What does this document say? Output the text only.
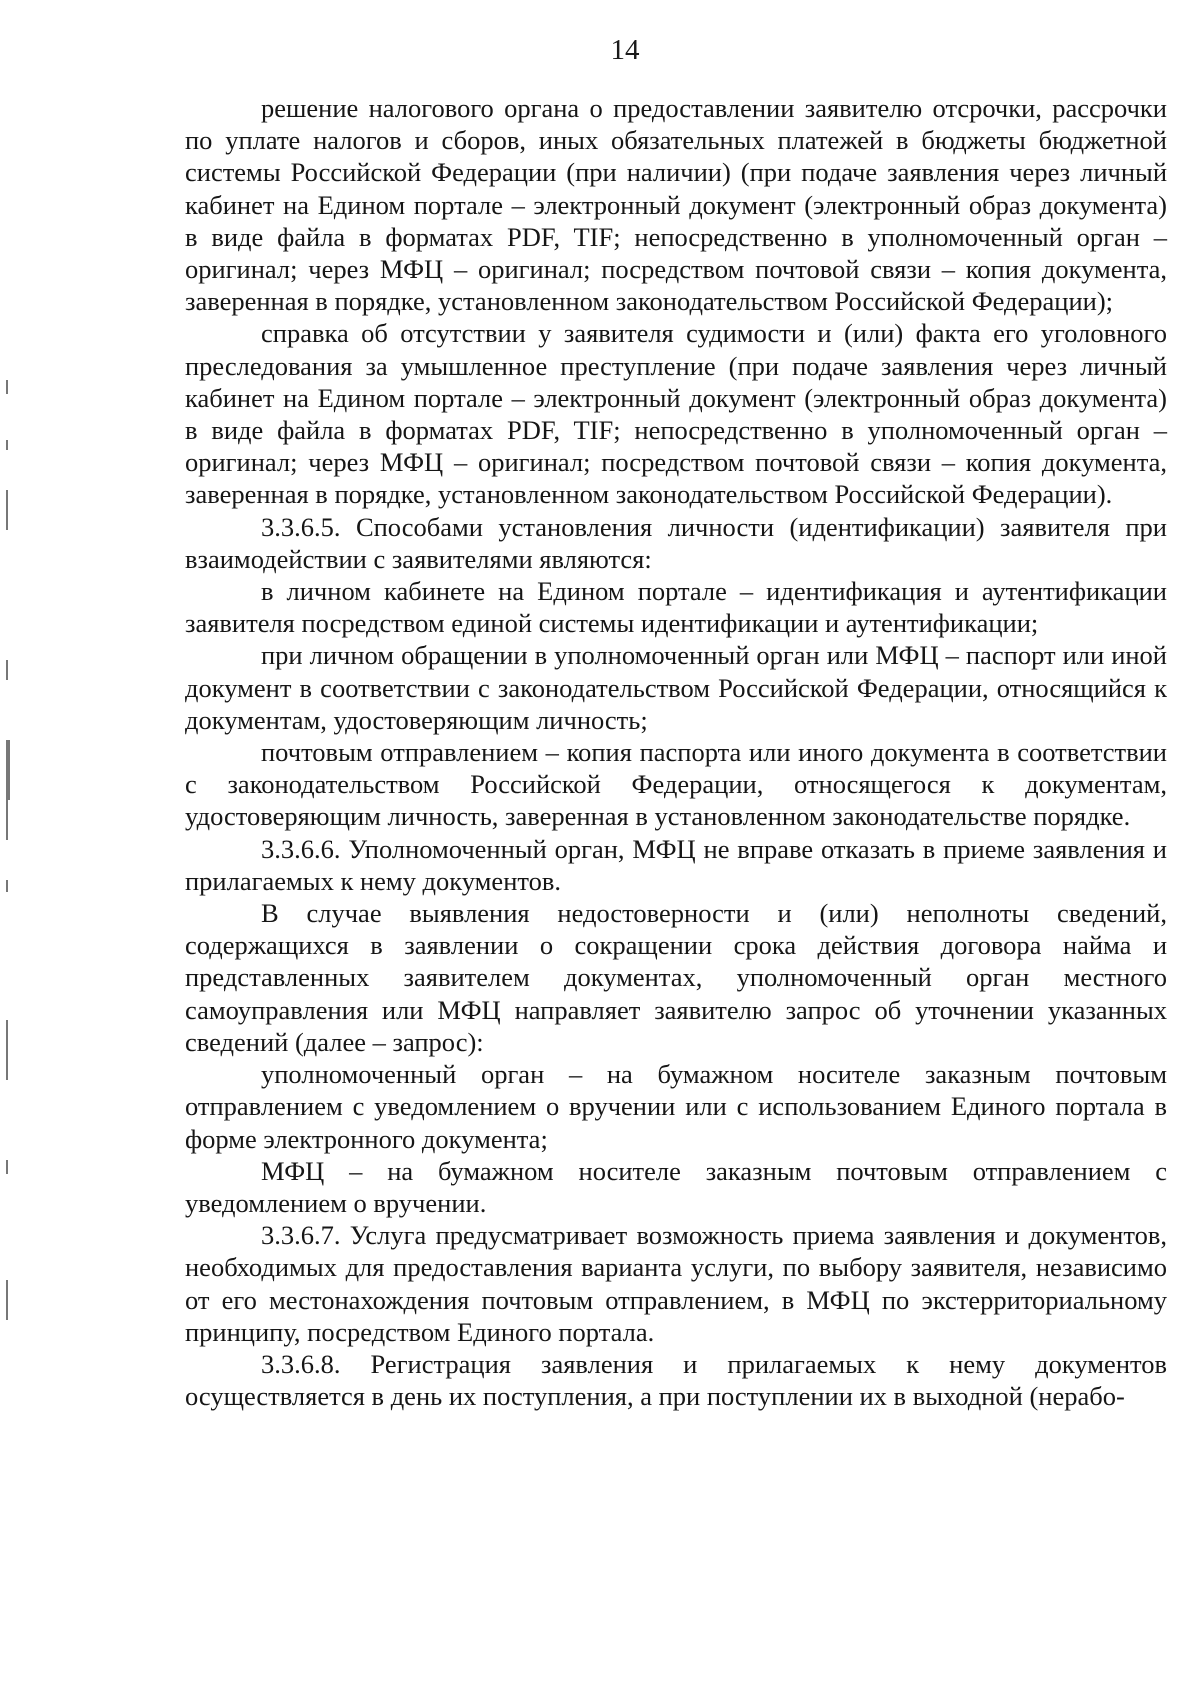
14

решение налогового органа о предоставлении заявителю отсрочки, рассрочки по уплате налогов и сборов, иных обязательных платежей в бюджеты бюджетной системы Российской Федерации (при наличии) (при подаче заявления через личный кабинет на Едином портале – электронный документ (электронный образ документа) в виде файла в форматах PDF, TIF; непосредственно в уполномоченный орган – оригинал; через МФЦ – оригинал; посредством почтовой связи – копия документа, заверенная в порядке, установленном законодательством Российской Федерации);

справка об отсутствии у заявителя судимости и (или) факта его уголовного преследования за умышленное преступление (при подаче заявления через личный кабинет на Едином портале – электронный документ (электронный образ документа) в виде файла в форматах PDF, TIF; непосредственно в уполномоченный орган – оригинал; через МФЦ – оригинал; посредством почтовой связи – копия документа, заверенная в порядке, установленном законодательством Российской Федерации).

3.3.6.5. Способами установления личности (идентификации) заявителя при взаимодействии с заявителями являются:

в личном кабинете на Едином портале – идентификация и аутентификации заявителя посредством единой системы идентификации и аутентификации;

при личном обращении в уполномоченный орган или МФЦ – паспорт или иной документ в соответствии с законодательством Российской Федерации, относящийся к документам, удостоверяющим личность;

почтовым отправлением – копия паспорта или иного документа в соответствии с законодательством Российской Федерации, относящегося к документам, удостоверяющим личность, заверенная в установленном законодательстве порядке.

3.3.6.6. Уполномоченный орган, МФЦ не вправе отказать в приеме заявления и прилагаемых к нему документов.

В случае выявления недостоверности и (или) неполноты сведений, содержащихся в заявлении о сокращении срока действия договора найма и представленных заявителем документах, уполномоченный орган местного самоуправления или МФЦ направляет заявителю запрос об уточнении указанных сведений (далее – запрос):

уполномоченный орган – на бумажном носителе заказным почтовым отправлением с уведомлением о вручении или с использованием Единого портала в форме электронного документа;

МФЦ – на бумажном носителе заказным почтовым отправлением с уведомлением о вручении.

3.3.6.7. Услуга предусматривает возможность приема заявления и документов, необходимых для предоставления варианта услуги, по выбору заявителя, независимо от его местонахождения почтовым отправлением, в МФЦ по экстерриториальному принципу, посредством Единого портала.

3.3.6.8. Регистрация заявления и прилагаемых к нему документов осуществляется в день их поступления, а при поступлении их в выходной (нерабо-
